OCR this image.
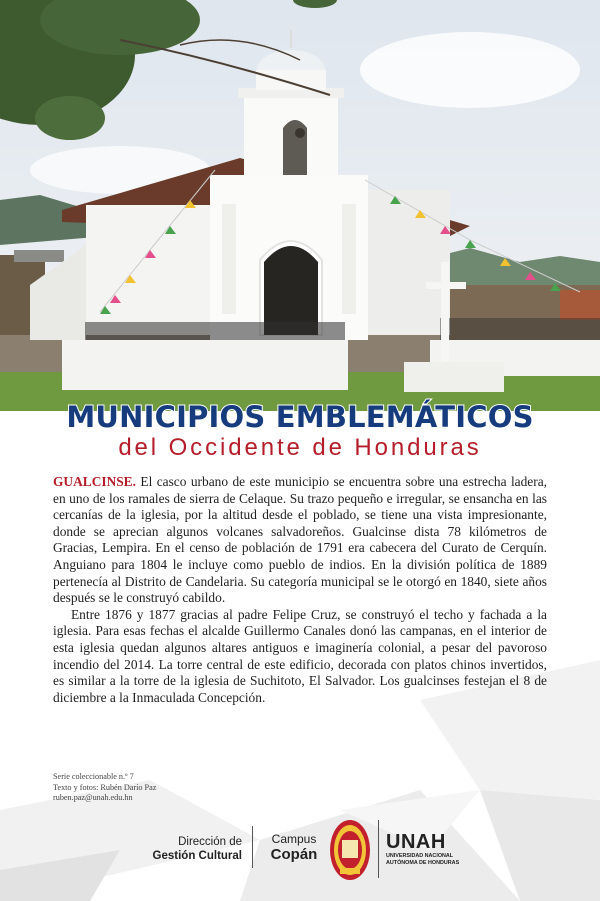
MUNICIPIOS EMBLEMÁTICOS
del Occidente de Honduras

GUALCINSE. El casco urbano de este municipio se encuentra sobre una estrecha ladera, en uno de los ramales de sierra de Celaque. Su trazo pequeño e irregular, se ensancha en las cercanías de la iglesia, por la altitud desde el poblado, se tiene una vista impresionante, donde se aprecian algunos volcanes salvadoreños. Gualcinse dista 78 kilómetros de Gracias, Lempira. En el censo de población de 1791 era cabecera del Curato de Cerquín. Anguiano para 1804 le incluye como pueblo de indios. En la división política de 1889 pertenecía al Distrito de Candelaria. Su categoría municipal se le otorgó en 1840, siete años después se le construyó cabildo.

Entre 1876 y 1877 gracias al padre Felipe Cruz, se construyó el techo y fachada a la iglesia. Para esas fechas el alcalde Guillermo Canales donó las campanas, en el interior de esta iglesia quedan algunos altares antiguos e imaginería colonial, a pesar del pavoroso incendio del 2014. La torre central de este edificio, decorada con platos chinos invertidos, es similar a la torre de la iglesia de Suchitoto, El Salvador. Los gualcinses festejan el 8 de diciembre a la Inmaculada Concepción.

Serie coleccionable n.º 7
Texto y fotos: Rubén Darío Paz
ruben.paz@unah.edu.hn
Dirección de
Gestión Cultural
Campus
Copán
UNAH
UNIVERSIDAD NACIONAL
AUTÓNOMA DE HONDURAS
